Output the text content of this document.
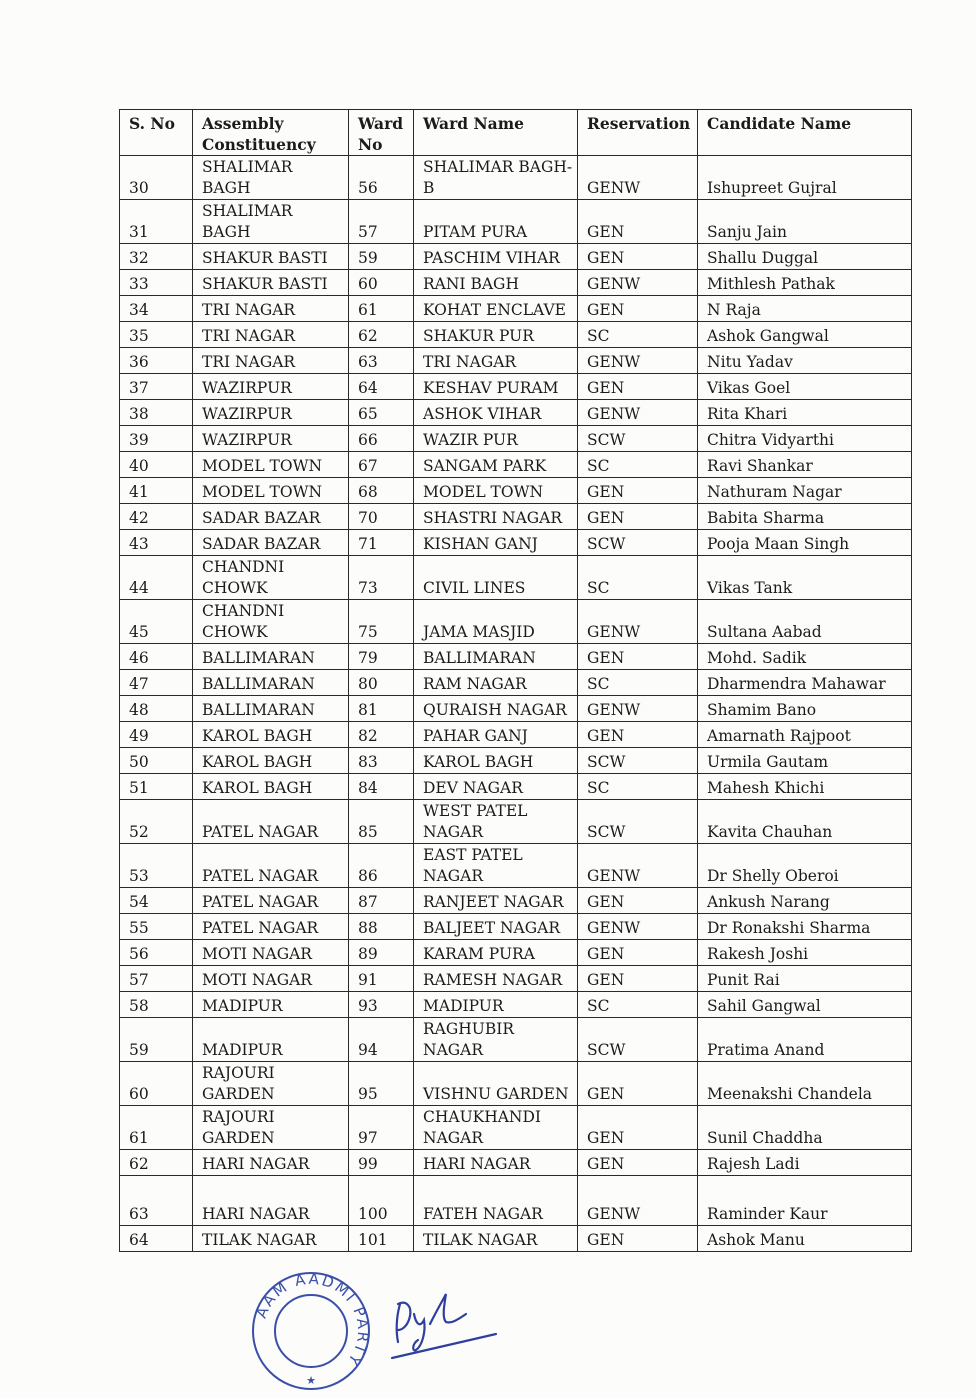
S. No	Assembly Constituency	Ward No	Ward Name	Reservation	Candidate Name
30	SHALIMAR BAGH	56	SHALIMAR BAGH-B	GENW	Ishupreet Gujral
31	SHALIMAR BAGH	57	PITAM PURA	GEN	Sanju Jain
32	SHAKUR BASTI	59	PASCHIM VIHAR	GEN	Shallu Duggal
33	SHAKUR BASTI	60	RANI BAGH	GENW	Mithlesh Pathak
34	TRI NAGAR	61	KOHAT ENCLAVE	GEN	N Raja
35	TRI NAGAR	62	SHAKUR PUR	SC	Ashok Gangwal
36	TRI NAGAR	63	TRI NAGAR	GENW	Nitu Yadav
37	WAZIRPUR	64	KESHAV PURAM	GEN	Vikas Goel
38	WAZIRPUR	65	ASHOK VIHAR	GENW	Rita Khari
39	WAZIRPUR	66	WAZIR PUR	SCW	Chitra Vidyarthi
40	MODEL TOWN	67	SANGAM PARK	SC	Ravi Shankar
41	MODEL TOWN	68	MODEL TOWN	GEN	Nathuram Nagar
42	SADAR BAZAR	70	SHASTRI NAGAR	GEN	Babita Sharma
43	SADAR BAZAR	71	KISHAN GANJ	SCW	Pooja Maan Singh
44	CHANDNI CHOWK	73	CIVIL LINES	SC	Vikas Tank
45	CHANDNI CHOWK	75	JAMA MASJID	GENW	Sultana Aabad
46	BALLIMARAN	79	BALLIMARAN	GEN	Mohd. Sadik
47	BALLIMARAN	80	RAM NAGAR	SC	Dharmendra Mahawar
48	BALLIMARAN	81	QURAISH NAGAR	GENW	Shamim Bano
49	KAROL BAGH	82	PAHAR GANJ	GEN	Amarnath Rajpoot
50	KAROL BAGH	83	KAROL BAGH	SCW	Urmila Gautam
51	KAROL BAGH	84	DEV NAGAR	SC	Mahesh Khichi
52	PATEL NAGAR	85	WEST PATEL NAGAR	SCW	Kavita Chauhan
53	PATEL NAGAR	86	EAST PATEL NAGAR	GENW	Dr Shelly Oberoi
54	PATEL NAGAR	87	RANJEET NAGAR	GEN	Ankush Narang
55	PATEL NAGAR	88	BALJEET NAGAR	GENW	Dr Ronakshi Sharma
56	MOTI NAGAR	89	KARAM PURA	GEN	Rakesh Joshi
57	MOTI NAGAR	91	RAMESH NAGAR	GEN	Punit Rai
58	MADIPUR	93	MADIPUR	SC	Sahil Gangwal
59	MADIPUR	94	RAGHUBIR NAGAR	SCW	Pratima Anand
60	RAJOURI GARDEN	95	VISHNU GARDEN	GEN	Meenakshi Chandela
61	RAJOURI GARDEN	97	CHAUKHANDI NAGAR	GEN	Sunil Chaddha
62	HARI NAGAR	99	HARI NAGAR	GEN	Rajesh Ladi
63	HARI NAGAR	100	FATEH NAGAR	GENW	Raminder Kaur
64	TILAK NAGAR	101	TILAK NAGAR	GEN	Ashok Manu
AAM AADMI PARTY
★
